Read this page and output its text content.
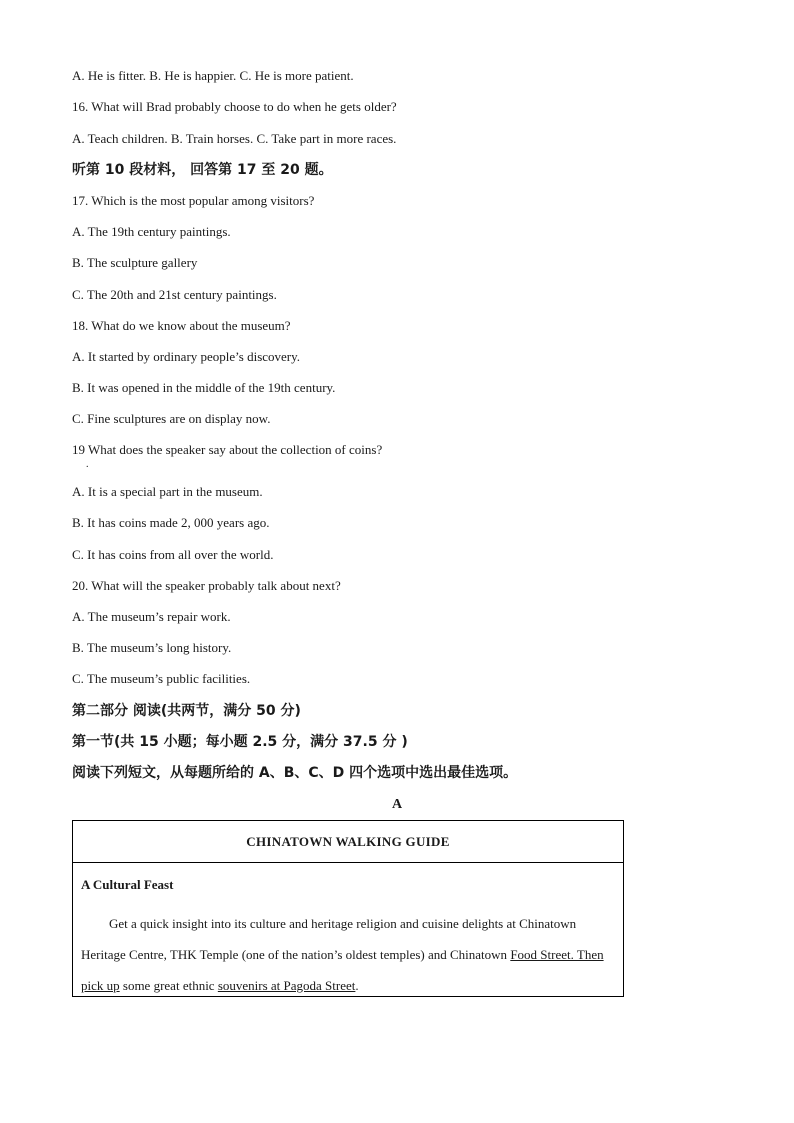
A. He is fitter. B. He is happier. C. He is more patient.
16. What will Brad probably choose to do when he gets older?
A. Teach children. B. Train horses. C. Take part in more races.
听第 10 段材料， 回答第 17 至 20 题。
17. Which is the most popular among visitors?
A. The 19th century paintings.
B. The sculpture gallery
C. The 20th and 21st century paintings.
18. What do we know about the museum?
A. It started by ordinary people’s discovery.
B. It was opened in the middle of the 19th century.
C. Fine sculptures are on display now.
19 What does the speaker say about the collection of coins?
.
A. It is a special part in the museum.
B. It has coins made 2, 000 years ago.
C. It has coins from all over the world.
20. What will the speaker probably talk about next?
A. The museum’s repair work.
B. The museum’s long history.
C. The museum’s public facilities.
第二部分 阅读(共两节，满分 50 分)
第一节(共 15 小题；每小题 2.5 分，满分 37.5 分 )
阅读下列短文，从每题所给的 A、B、C、D 四个选项中选出最佳选项。
A
CHINATOWN WALKING GUIDE
A Cultural Feast
Get a quick insight into its culture and heritage religion and cuisine delights at Chinatown Heritage Centre, THK Temple (one of the nation’s oldest temples) and Chinatown Food Street. Then pick up some great ethnic souvenirs at Pagoda Street.
